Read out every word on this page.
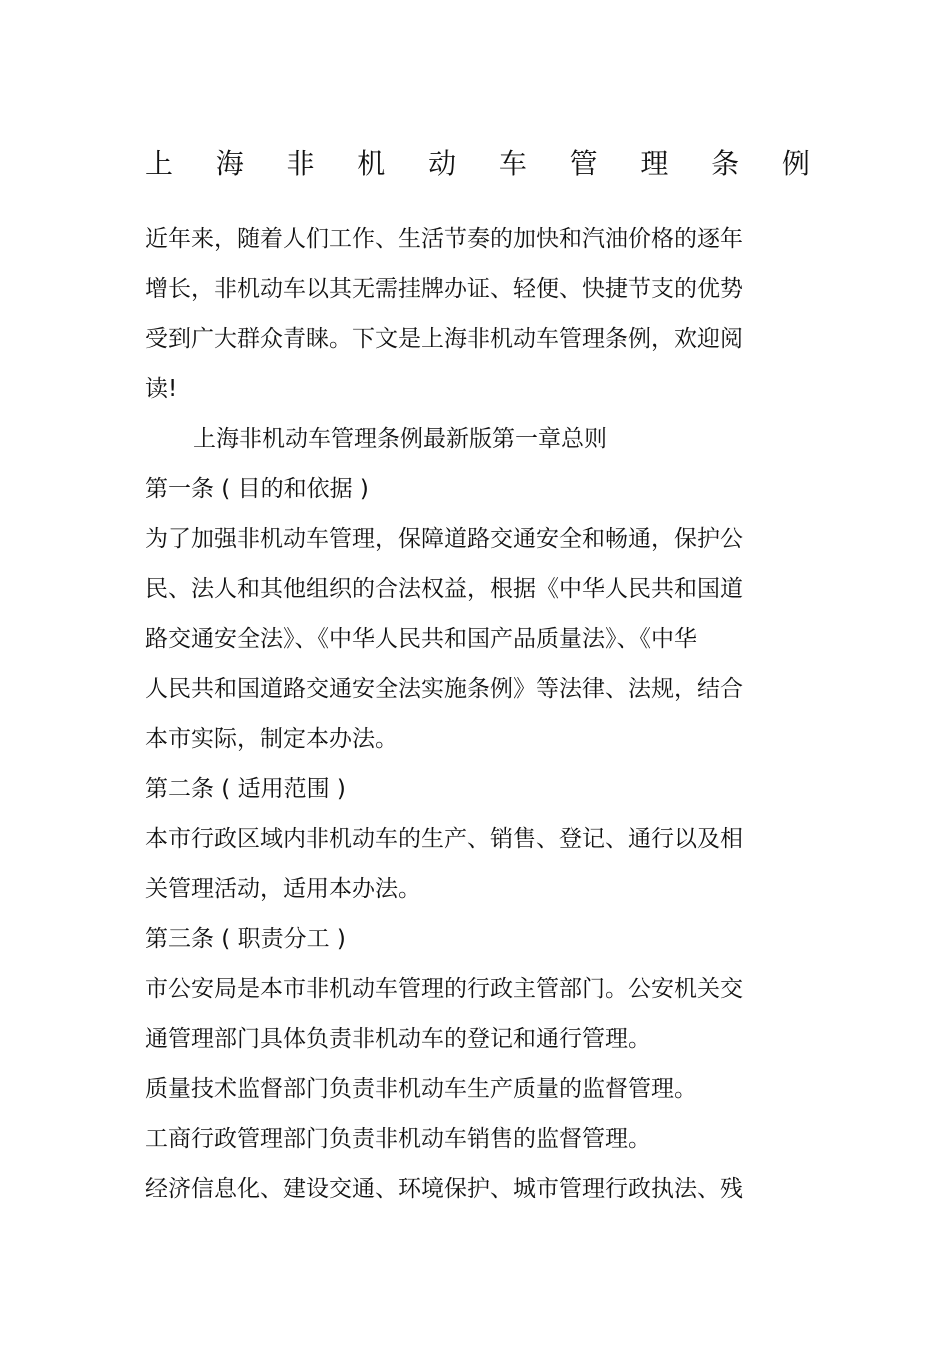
上 海 非 机 动 车 管 理 条 例

近年来，随着人们工作、生活节奏的加快和汽油价格的逐年

增长，非机动车以其无需挂牌办证、轻便、快捷节支的优势

受到广大群众青睐。下文是上海非机动车管理条例，欢迎阅

读!

上海非机动车管理条例最新版第一章总则

第一条 ( 目的和依据 )

为了加强非机动车管理，保障道路交通安全和畅通，保护公

民、法人和其他组织的合法权益，根据《中华人民共和国道

路交通安全法》、《中华人民共和国产品质量法》、《中华

人民共和国道路交通安全法实施条例》等法律、法规，结合

本市实际，制定本办法。

第二条 ( 适用范围 )

本市行政区域内非机动车的生产、销售、登记、通行以及相

关管理活动，适用本办法。

第三条 ( 职责分工 )

市公安局是本市非机动车管理的行政主管部门。公安机关交

通管理部门具体负责非机动车的登记和通行管理。

质量技术监督部门负责非机动车生产质量的监督管理。

工商行政管理部门负责非机动车销售的监督管理。

经济信息化、建设交通、环境保护、城市管理行政执法、残
